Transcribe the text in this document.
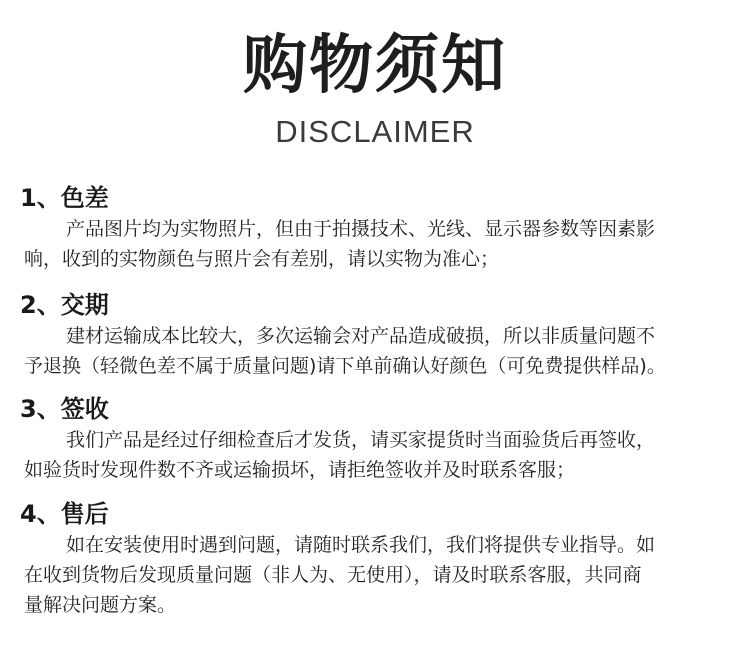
购物须知
DISCLAIMER
1、色差
产品图片均为实物照片，但由于拍摄技术、光线、显示器参数等因素影
响，收到的实物颜色与照片会有差别，请以实物为准心；
2、交期
建材运输成本比较大，多次运输会对产品造成破损，所以非质量问题不
予退换（轻微色差不属于质量问题)请下单前确认好颜色（可免费提供样品)。
3、签收
我们产品是经过仔细检查后才发货，请买家提货时当面验货后再签收，
如验货时发现件数不齐或运输损坏，请拒绝签收并及时联系客服；
4、售后
如在安装使用时遇到问题，请随时联系我们，我们将提供专业指导。如
在收到货物后发现质量问题（非人为、无使用），请及时联系客服，共同商
量解决问题方案。
